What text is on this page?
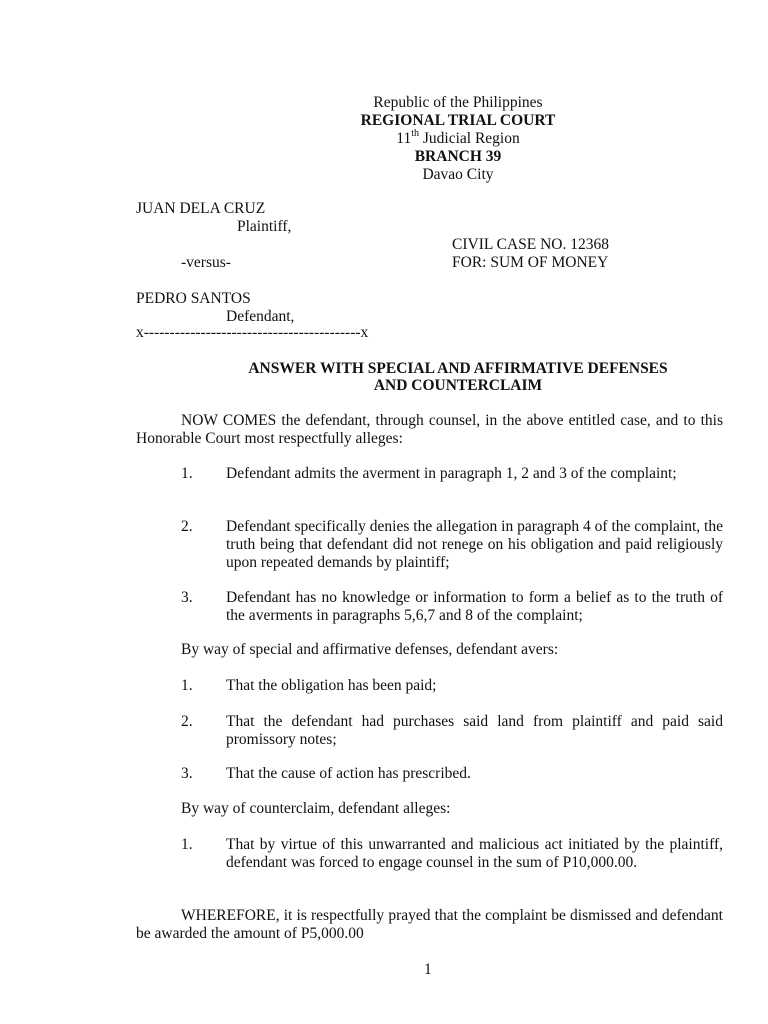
Republic of the Philippines
REGIONAL TRIAL COURT
11th Judicial Region
BRANCH 39
Davao City
JUAN DELA CRUZ
Plaintiff,
CIVIL CASE NO. 12368
-versus-	FOR: SUM OF MONEY
PEDRO SANTOS
Defendant,
x------------------------------------------x
ANSWER WITH SPECIAL AND AFFIRMATIVE DEFENSES
AND COUNTERCLAIM
NOW COMES the defendant, through counsel, in the above entitled case, and to this Honorable Court most respectfully alleges:
1. Defendant admits the averment in paragraph 1, 2 and 3 of the complaint;
2. Defendant specifically denies the allegation in paragraph 4 of the complaint, the truth being that defendant did not renege on his obligation and paid religiously upon repeated demands by plaintiff;
3. Defendant has no knowledge or information to form a belief as to the truth of the averments in paragraphs 5,6,7 and 8 of the complaint;
By way of special and affirmative defenses, defendant avers:
1. That the obligation has been paid;
2. That the defendant had purchases said land from plaintiff and paid said promissory notes;
3. That the cause of action has prescribed.
By way of counterclaim, defendant alleges:
1. That by virtue of this unwarranted and malicious act initiated by the plaintiff, defendant was forced to engage counsel in the sum of P10,000.00.
WHEREFORE, it is respectfully prayed that the complaint be dismissed and defendant be awarded the amount of P5,000.00
1
